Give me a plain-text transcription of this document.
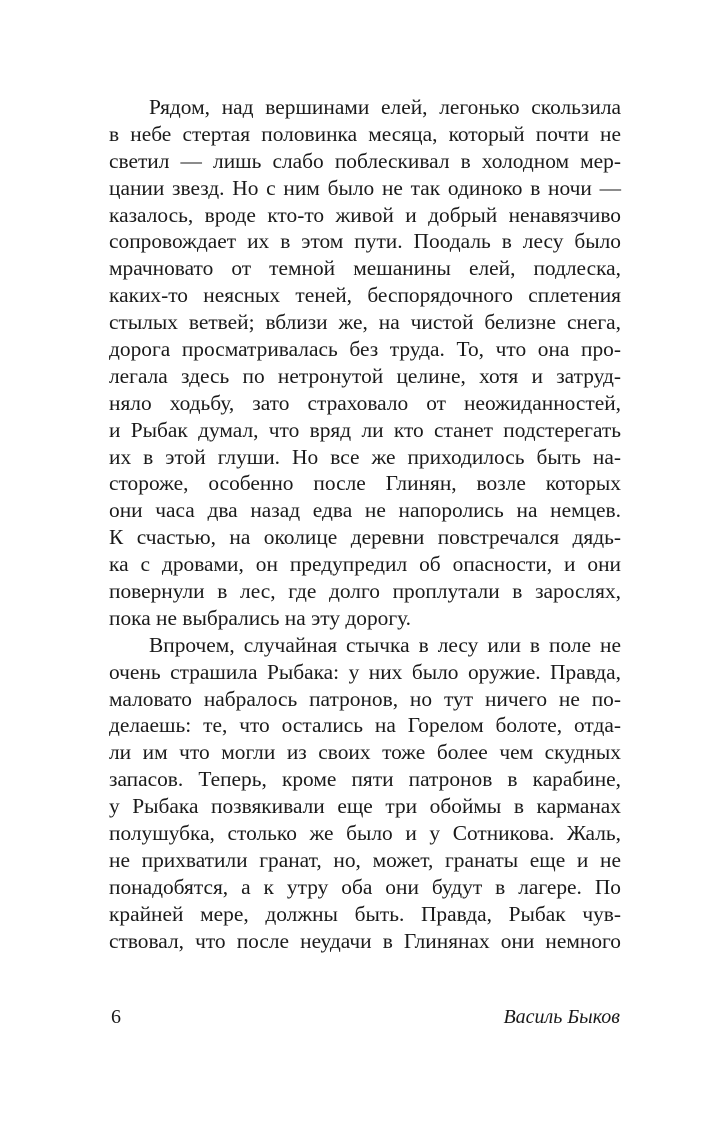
Рядом, над вершинами елей, легонько скользила
в небе стертая половинка месяца, который почти не
светил — лишь слабо поблескивал в холодном мер-
цании звезд. Но с ним было не так одиноко в ночи —
казалось, вроде кто-то живой и добрый ненавязчиво
сопровождает их в этом пути. Поодаль в лесу было
мрачновато от темной мешанины елей, подлеска,
каких-то неясных теней, беспорядочного сплетения
стылых ветвей; вблизи же, на чистой белизне снега,
дорога просматривалась без труда. То, что она про-
легала здесь по нетронутой целине, хотя и затруд-
няло ходьбу, зато страховало от неожиданностей,
и Рыбак думал, что вряд ли кто станет подстерегать
их в этой глуши. Но все же приходилось быть на-
стороже, особенно после Глинян, возле которых
они часа два назад едва не напоролись на немцев.
К счастью, на околице деревни повстречался дядь-
ка с дровами, он предупредил об опасности, и они
повернули в лес, где долго проплутали в зарослях,
пока не выбрались на эту дорогу.
Впрочем, случайная стычка в лесу или в поле не
очень страшила Рыбака: у них было оружие. Правда,
маловато набралось патронов, но тут ничего не по-
делаешь: те, что остались на Горелом болоте, отда-
ли им что могли из своих тоже более чем скудных
запасов. Теперь, кроме пяти патронов в карабине,
у Рыбака позвякивали еще три обоймы в карманах
полушубка, столько же было и у Сотникова. Жаль,
не прихватили гранат, но, может, гранаты еще и не
понадобятся, а к утру оба они будут в лагере. По
крайней мере, должны быть. Правда, Рыбак чув-
ствовал, что после неудачи в Глинянах они немного
6	Василь Быков
